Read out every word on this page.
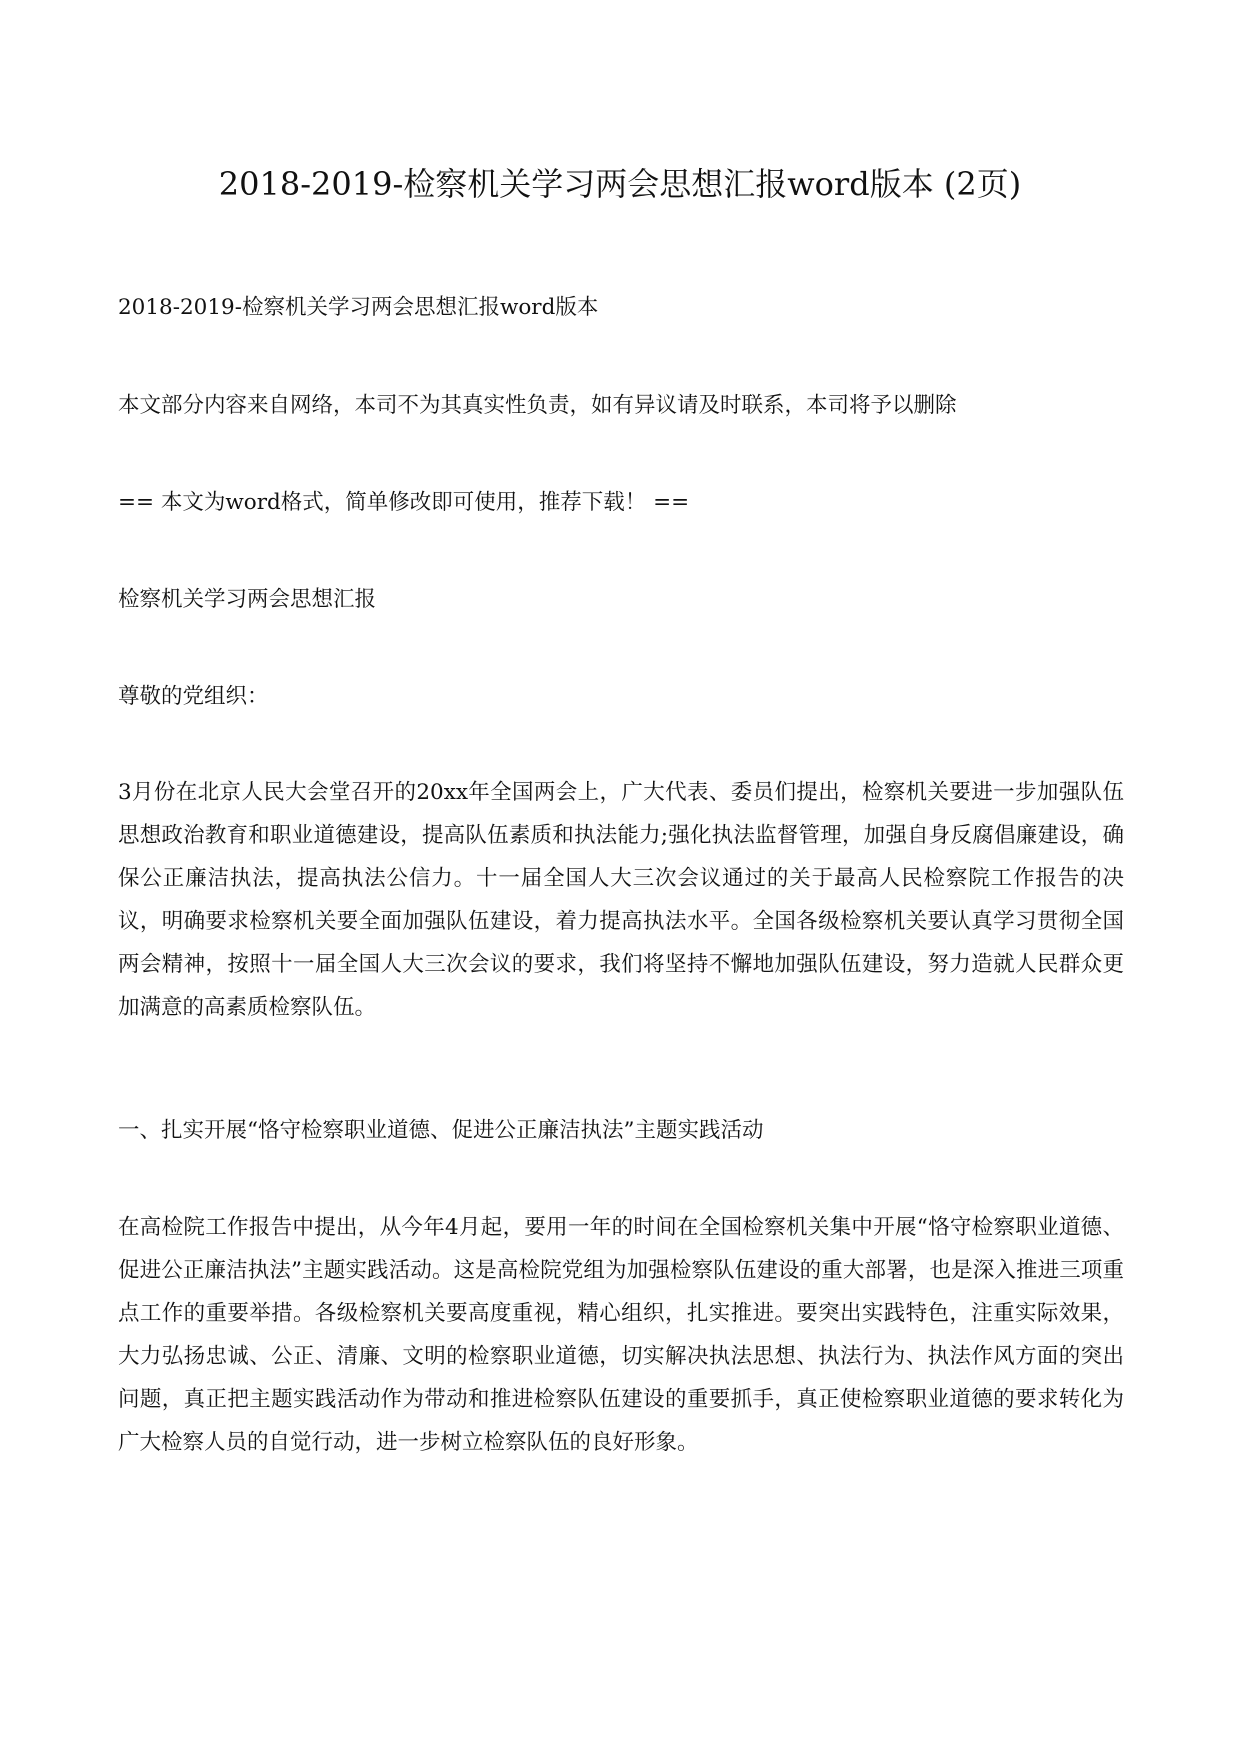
2018-2019-检察机关学习两会思想汇报word版本 (2页)

2018-2019-检察机关学习两会思想汇报word版本

本文部分内容来自网络，本司不为其真实性负责，如有异议请及时联系，本司将予以删除

== 本文为word格式，简单修改即可使用，推荐下载！ ==

检察机关学习两会思想汇报

尊敬的党组织：

3月份在北京人民大会堂召开的20xx年全国两会上，广大代表、委员们提出，检察机关要进一步加强队伍思想政治教育和职业道德建设，提高队伍素质和执法能力;强化执法监督管理，加强自身反腐倡廉建设，确保公正廉洁执法，提高执法公信力。十一届全国人大三次会议通过的关于最高人民检察院工作报告的决议，明确要求检察机关要全面加强队伍建设，着力提高执法水平。全国各级检察机关要认真学习贯彻全国两会精神，按照十一届全国人大三次会议的要求，我们将坚持不懈地加强队伍建设，努力造就人民群众更加满意的高素质检察队伍。

一、扎实开展“恪守检察职业道德、促进公正廉洁执法”主题实践活动

在高检院工作报告中提出，从今年4月起，要用一年的时间在全国检察机关集中开展“恪守检察职业道德、促进公正廉洁执法”主题实践活动。这是高检院党组为加强检察队伍建设的重大部署，也是深入推进三项重点工作的重要举措。各级检察机关要高度重视，精心组织，扎实推进。要突出实践特色，注重实际效果，大力弘扬忠诚、公正、清廉、文明的检察职业道德，切实解决执法思想、执法行为、执法作风方面的突出问题，真正把主题实践活动作为带动和推进检察队伍建设的重要抓手，真正使检察职业道德的要求转化为广大检察人员的自觉行动，进一步树立检察队伍的良好形象。
